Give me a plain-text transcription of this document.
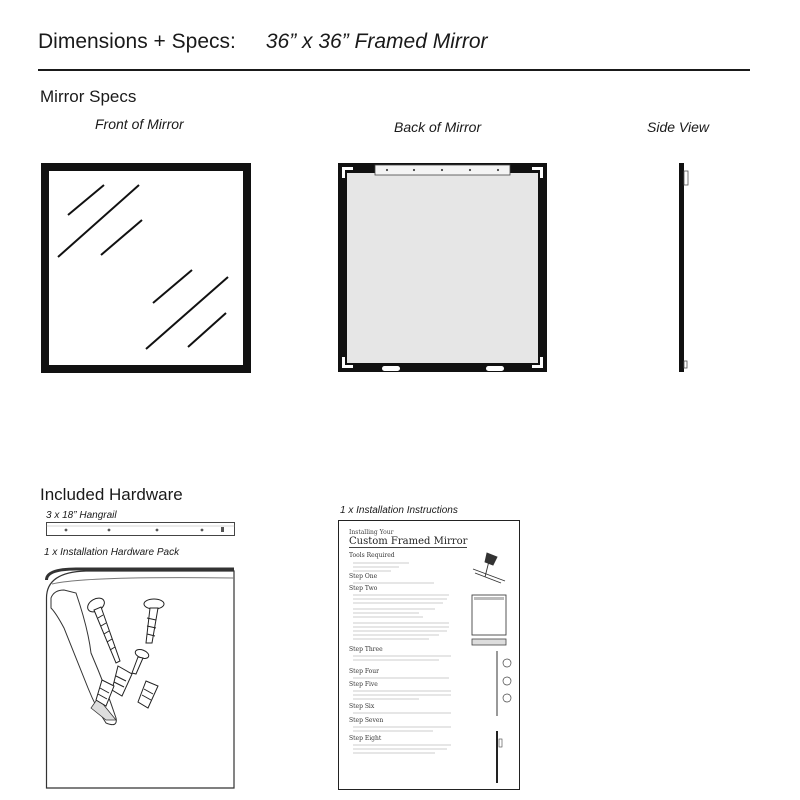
Dimensions + Specs: 36” x 36” Framed Mirror
Mirror Specs
Front of Mirror	Back of Mirror	Side View
Included Hardware
3 x 18” Hangrail
1 x Installation Hardware Pack
1 x Installation Instructions
Installing Your
Custom Framed Mirror
Tools Required
Step One
Step Two
Step Three
Step Four
Step Five
Step Six
Step Seven
Step Eight
